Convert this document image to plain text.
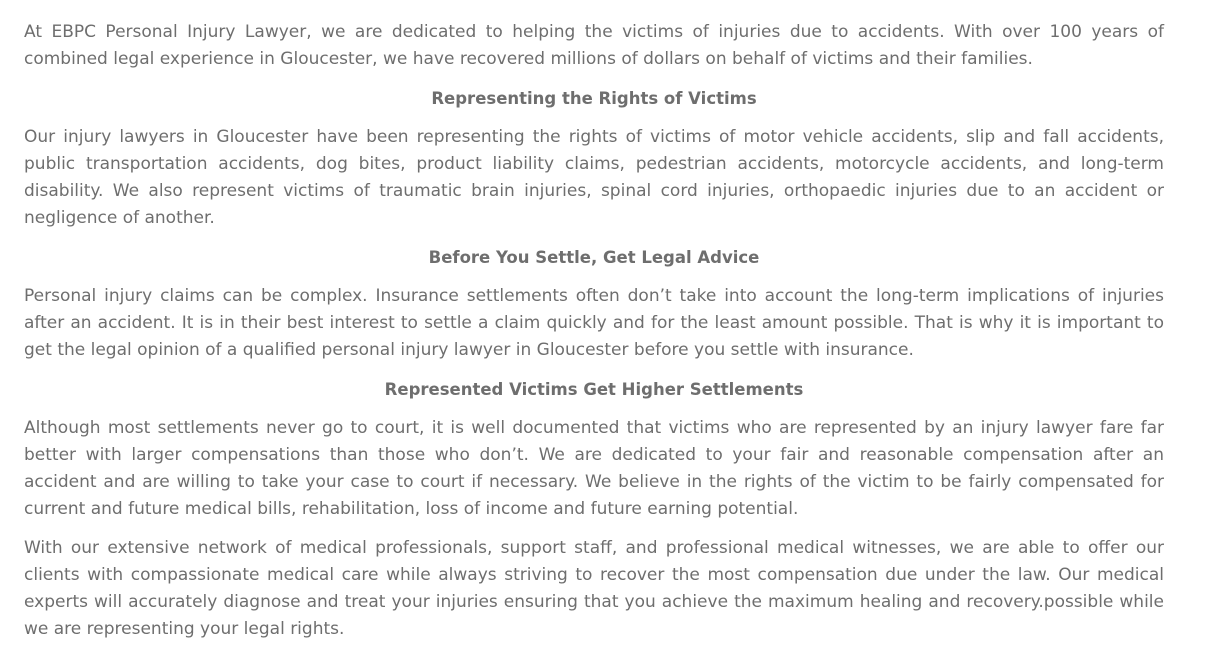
At EBPC Personal Injury Lawyer, we are dedicated to helping the victims of injuries due to accidents. With over 100 years of combined legal experience in Gloucester, we have recovered millions of dollars on behalf of victims and their families.

Representing the Rights of Victims

Our injury lawyers in Gloucester have been representing the rights of victims of motor vehicle accidents, slip and fall accidents, public transportation accidents, dog bites, product liability claims, pedestrian accidents, motorcycle accidents, and long-term disability. We also represent victims of traumatic brain injuries, spinal cord injuries, orthopaedic injuries due to an accident or negligence of another.

Before You Settle, Get Legal Advice

Personal injury claims can be complex. Insurance settlements often don’t take into account the long-term implications of injuries after an accident. It is in their best interest to settle a claim quickly and for the least amount possible. That is why it is important to get the legal opinion of a qualified personal injury lawyer in Gloucester before you settle with insurance.

Represented Victims Get Higher Settlements

Although most settlements never go to court, it is well documented that victims who are represented by an injury lawyer fare far better with larger compensations than those who don’t. We are dedicated to your fair and reasonable compensation after an accident and are willing to take your case to court if necessary. We believe in the rights of the victim to be fairly compensated for current and future medical bills, rehabilitation, loss of income and future earning potential.

With our extensive network of medical professionals, support staff, and professional medical witnesses, we are able to offer our clients with compassionate medical care while always striving to recover the most compensation due under the law. Our medical experts will accurately diagnose and treat your injuries ensuring that you achieve the maximum healing and recovery.possible while we are representing your legal rights.
